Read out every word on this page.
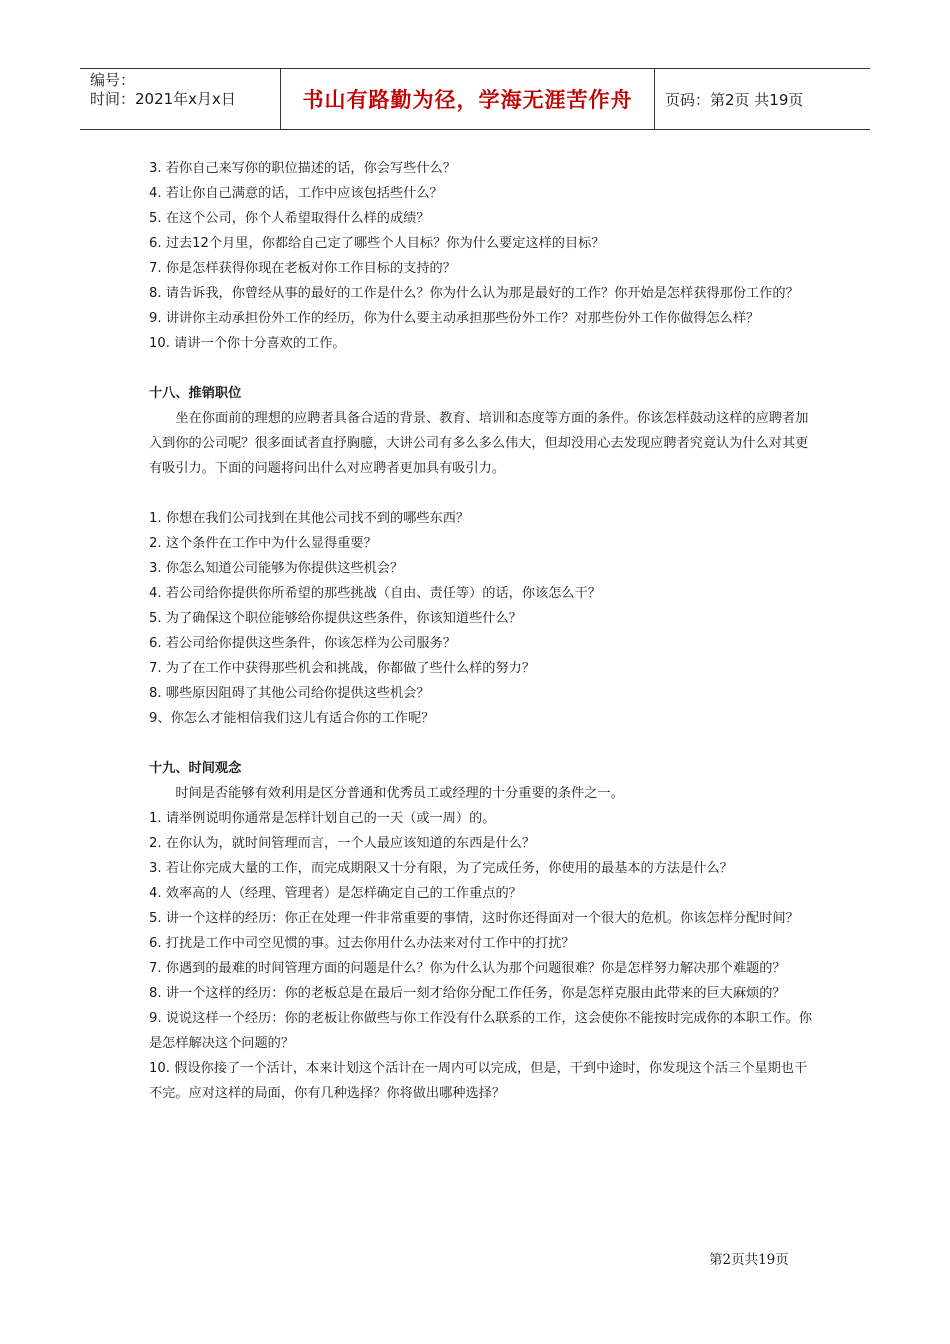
编号：
时间：2021年x月x日	书山有路勤为径，学海无涯苦作舟 页码：第2页 共19页
3. 若你自己来写你的职位描述的话，你会写些什么？
4. 若让你自己满意的话，工作中应该包括些什么？
5. 在这个公司，你个人希望取得什么样的成绩？
6. 过去12个月里，你都给自己定了哪些个人目标？你为什么要定这样的目标？
7. 你是怎样获得你现在老板对你工作目标的支持的？
8. 请告诉我，你曾经从事的最好的工作是什么？你为什么认为那是最好的工作？你开始是怎样获得那份工作的？
9. 讲讲你主动承担份外工作的经历，你为什么要主动承担那些份外工作？对那些份外工作你做得怎么样？
10. 请讲一个你十分喜欢的工作。
十八、推销职位
坐在你面前的理想的应聘者具备合适的背景、教育、培训和态度等方面的条件。你该怎样鼓动这样的应聘者加入到你的公司呢？很多面试者直抒胸臆，大讲公司有多么多么伟大，但却没用心去发现应聘者究竟认为什么对其更有吸引力。下面的问题将问出什么对应聘者更加具有吸引力。
1. 你想在我们公司找到在其他公司找不到的哪些东西？
2. 这个条件在工作中为什么显得重要？
3. 你怎么知道公司能够为你提供这些机会？
4. 若公司给你提供你所希望的那些挑战（自由、责任等）的话，你该怎么干？
5. 为了确保这个职位能够给你提供这些条件，你该知道些什么？
6. 若公司给你提供这些条件，你该怎样为公司服务？
7. 为了在工作中获得那些机会和挑战，你都做了些什么样的努力？
8. 哪些原因阻碍了其他公司给你提供这些机会？
9、你怎么才能相信我们这儿有适合你的工作呢？
十九、时间观念
时间是否能够有效利用是区分普通和优秀员工或经理的十分重要的条件之一。
1. 请举例说明你通常是怎样计划自己的一天（或一周）的。
2. 在你认为，就时间管理而言，一个人最应该知道的东西是什么？
3. 若让你完成大量的工作，而完成期限又十分有限，为了完成任务，你使用的最基本的方法是什么？
4. 效率高的人（经理、管理者）是怎样确定自己的工作重点的？
5. 讲一个这样的经历：你正在处理一件非常重要的事情，这时你还得面对一个很大的危机。你该怎样分配时间？
6. 打扰是工作中司空见惯的事。过去你用什么办法来对付工作中的打扰？
7. 你遇到的最难的时间管理方面的问题是什么？你为什么认为那个问题很难？你是怎样努力解决那个难题的？
8. 讲一个这样的经历：你的老板总是在最后一刻才给你分配工作任务，你是怎样克服由此带来的巨大麻烦的？
9. 说说这样一个经历：你的老板让你做些与你工作没有什么联系的工作，这会使你不能按时完成你的本职工作。你是怎样解决这个问题的？
10. 假设你接了一个活计，本来计划这个活计在一周内可以完成，但是，干到中途时，你发现这个活三个星期也干不完。应对这样的局面，你有几种选择？你将做出哪种选择？
第2页共19页
